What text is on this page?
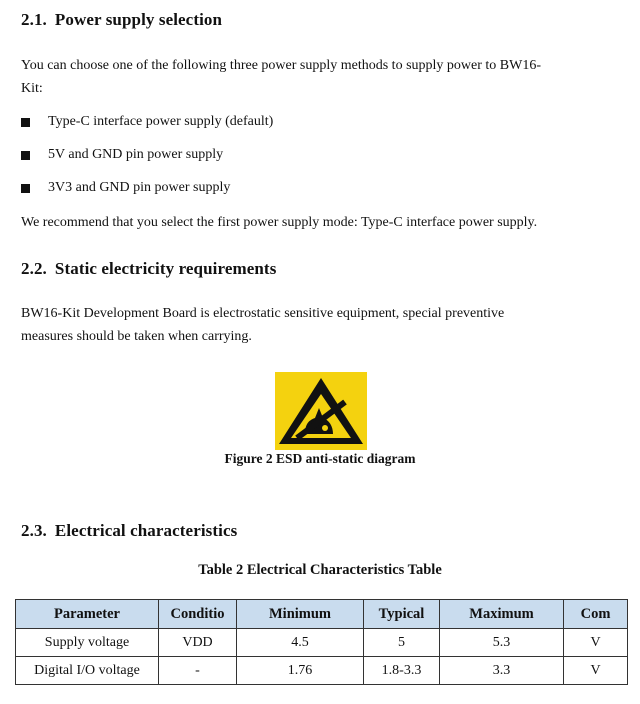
2.1. Power supply selection
You can choose one of the following three power supply methods to supply power to BW16-
Kit:
Type-C interface power supply (default)
5V and GND pin power supply
3V3 and GND pin power supply
We recommend that you select the first power supply mode: Type-C interface power supply.
2.2. Static electricity requirements
BW16-Kit Development Board is electrostatic sensitive equipment, special preventive
measures should be taken when carrying.
Figure 2 ESD anti-static diagram
2.3. Electrical characteristics
Table 2 Electrical Characteristics Table
Parameter	Conditio	Minimum	Typical	Maximum	Com
Supply voltage	VDD	4.5	5	5.3	V
Digital I/O voltage	-	1.76	1.8-3.3	3.3	V
